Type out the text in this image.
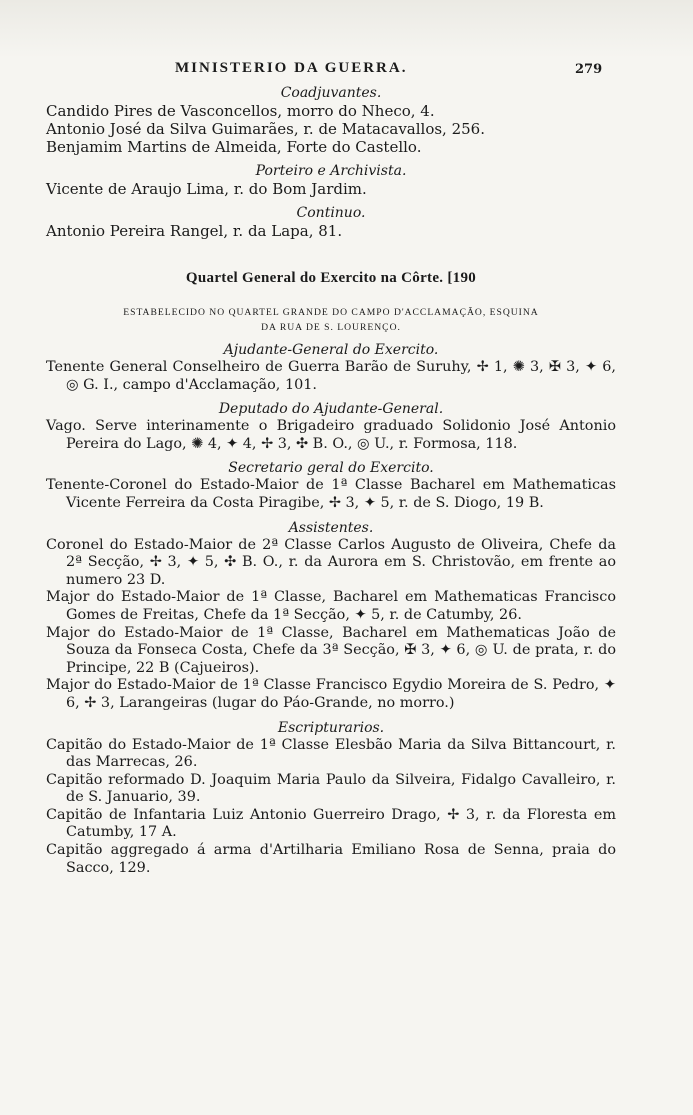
MINISTERIO DA GUERRA.	279

Coadjuvantes.

Candido Pires de Vasconcellos, morro do Nheco, 4.

Antonio José da Silva Guimarães, r. de Matacavallos, 256.

Benjamim Martins de Almeida, Forte do Castello.

Porteiro e Archivista.

Vicente de Araujo Lima, r. do Bom Jardim.

Continuo.

Antonio Pereira Rangel, r. da Lapa, 81.

Quartel General do Exercito na Côrte. [190

ESTABELECIDO NO QUARTEL GRANDE DO CAMPO D'ACCLAMAÇÃO, ESQUINA

DA RUA DE S. LOURENÇO.

Ajudante-General do Exercito.

Tenente General Conselheiro de Guerra Barão de Suruhy, ✢ 1, ✺ 3, ✠ 3, ✦ 6, ◎ G. I., campo d'Acclamação, 101.

Deputado do Ajudante-General.

Vago. Serve interinamente o Brigadeiro graduado Solidonio José Antonio Pereira do Lago, ✺ 4, ✦ 4, ✢ 3, ✣ B. O., ◎ U., r. Formosa, 118.

Secretario geral do Exercito.

Tenente-Coronel do Estado-Maior de 1ª Classe Bacharel em Mathematicas Vicente Ferreira da Costa Piragibe, ✢ 3, ✦ 5, r. de S. Diogo, 19 B.

Assistentes.

Coronel do Estado-Maior de 2ª Classe Carlos Augusto de Oliveira, Chefe da 2ª Secção, ✢ 3, ✦ 5, ✣ B. O., r. da Aurora em S. Christovão, em frente ao numero 23 D.

Major do Estado-Maior de 1ª Classe, Bacharel em Mathematicas Francisco Gomes de Freitas, Chefe da 1ª Secção, ✦ 5, r. de Catumby, 26.

Major do Estado-Maior de 1ª Classe, Bacharel em Mathematicas João de Souza da Fonseca Costa, Chefe da 3ª Secção, ✠ 3, ✦ 6, ◎ U. de prata, r. do Principe, 22 B (Cajueiros).

Major do Estado-Maior de 1ª Classe Francisco Egydio Moreira de S. Pedro, ✦ 6, ✢ 3, Larangeiras (lugar do Páo-Grande, no morro.)

Escripturarios.

Capitão do Estado-Maior de 1ª Classe Elesbão Maria da Silva Bittancourt, r. das Marrecas, 26.

Capitão reformado D. Joaquim Maria Paulo da Silveira, Fidalgo Cavalleiro, r. de S. Januario, 39.

Capitão de Infantaria Luiz Antonio Guerreiro Drago, ✢ 3, r. da Floresta em Catumby, 17 A.

Capitão aggregado á arma d'Artilharia Emiliano Rosa de Senna, praia do Sacco, 129.
